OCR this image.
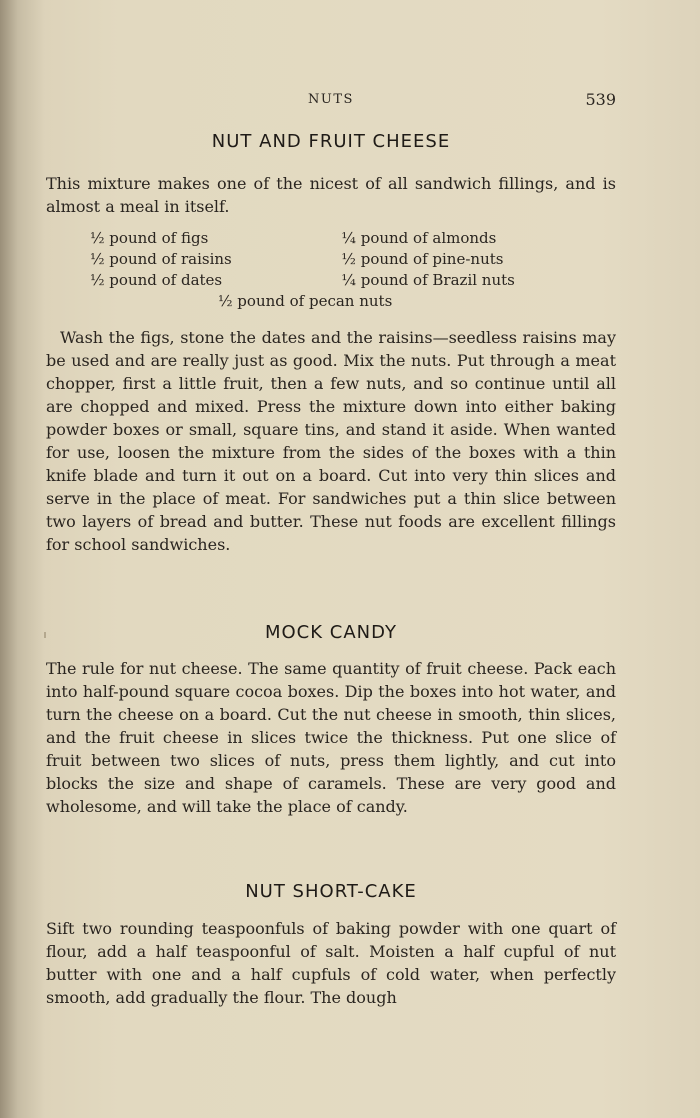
NUTS	539
NUT AND FRUIT CHEESE

This mixture makes one of the nicest of all sandwich fillings, and is almost a meal in itself.

½ pound of figs	¼ pound of almonds
½ pound of raisins	½ pound of pine-nuts
½ pound of dates	¼ pound of Brazil nuts
½ pound of pecan nuts

Wash the figs, stone the dates and the raisins—seedless raisins may be used and are really just as good. Mix the nuts. Put through a meat chopper, first a little fruit, then a few nuts, and so continue until all are chopped and mixed. Press the mixture down into either baking powder boxes or small, square tins, and stand it aside. When wanted for use, loosen the mixture from the sides of the boxes with a thin knife blade and turn it out on a board. Cut into very thin slices and serve in the place of meat. For sandwiches put a thin slice between two layers of bread and butter. These nut foods are excellent fillings for school sandwiches.

MOCK CANDY

The rule for nut cheese. The same quantity of fruit cheese. Pack each into half-pound square cocoa boxes. Dip the boxes into hot water, and turn the cheese on a board. Cut the nut cheese in smooth, thin slices, and the fruit cheese in slices twice the thickness. Put one slice of fruit between two slices of nuts, press them lightly, and cut into blocks the size and shape of caramels. These are very good and wholesome, and will take the place of candy.

NUT SHORT-CAKE

Sift two rounding teaspoonfuls of baking powder with one quart of flour, add a half teaspoonful of salt. Moisten a half cupful of nut butter with one and a half cupfuls of cold water, when perfectly smooth, add gradually the flour. The dough
